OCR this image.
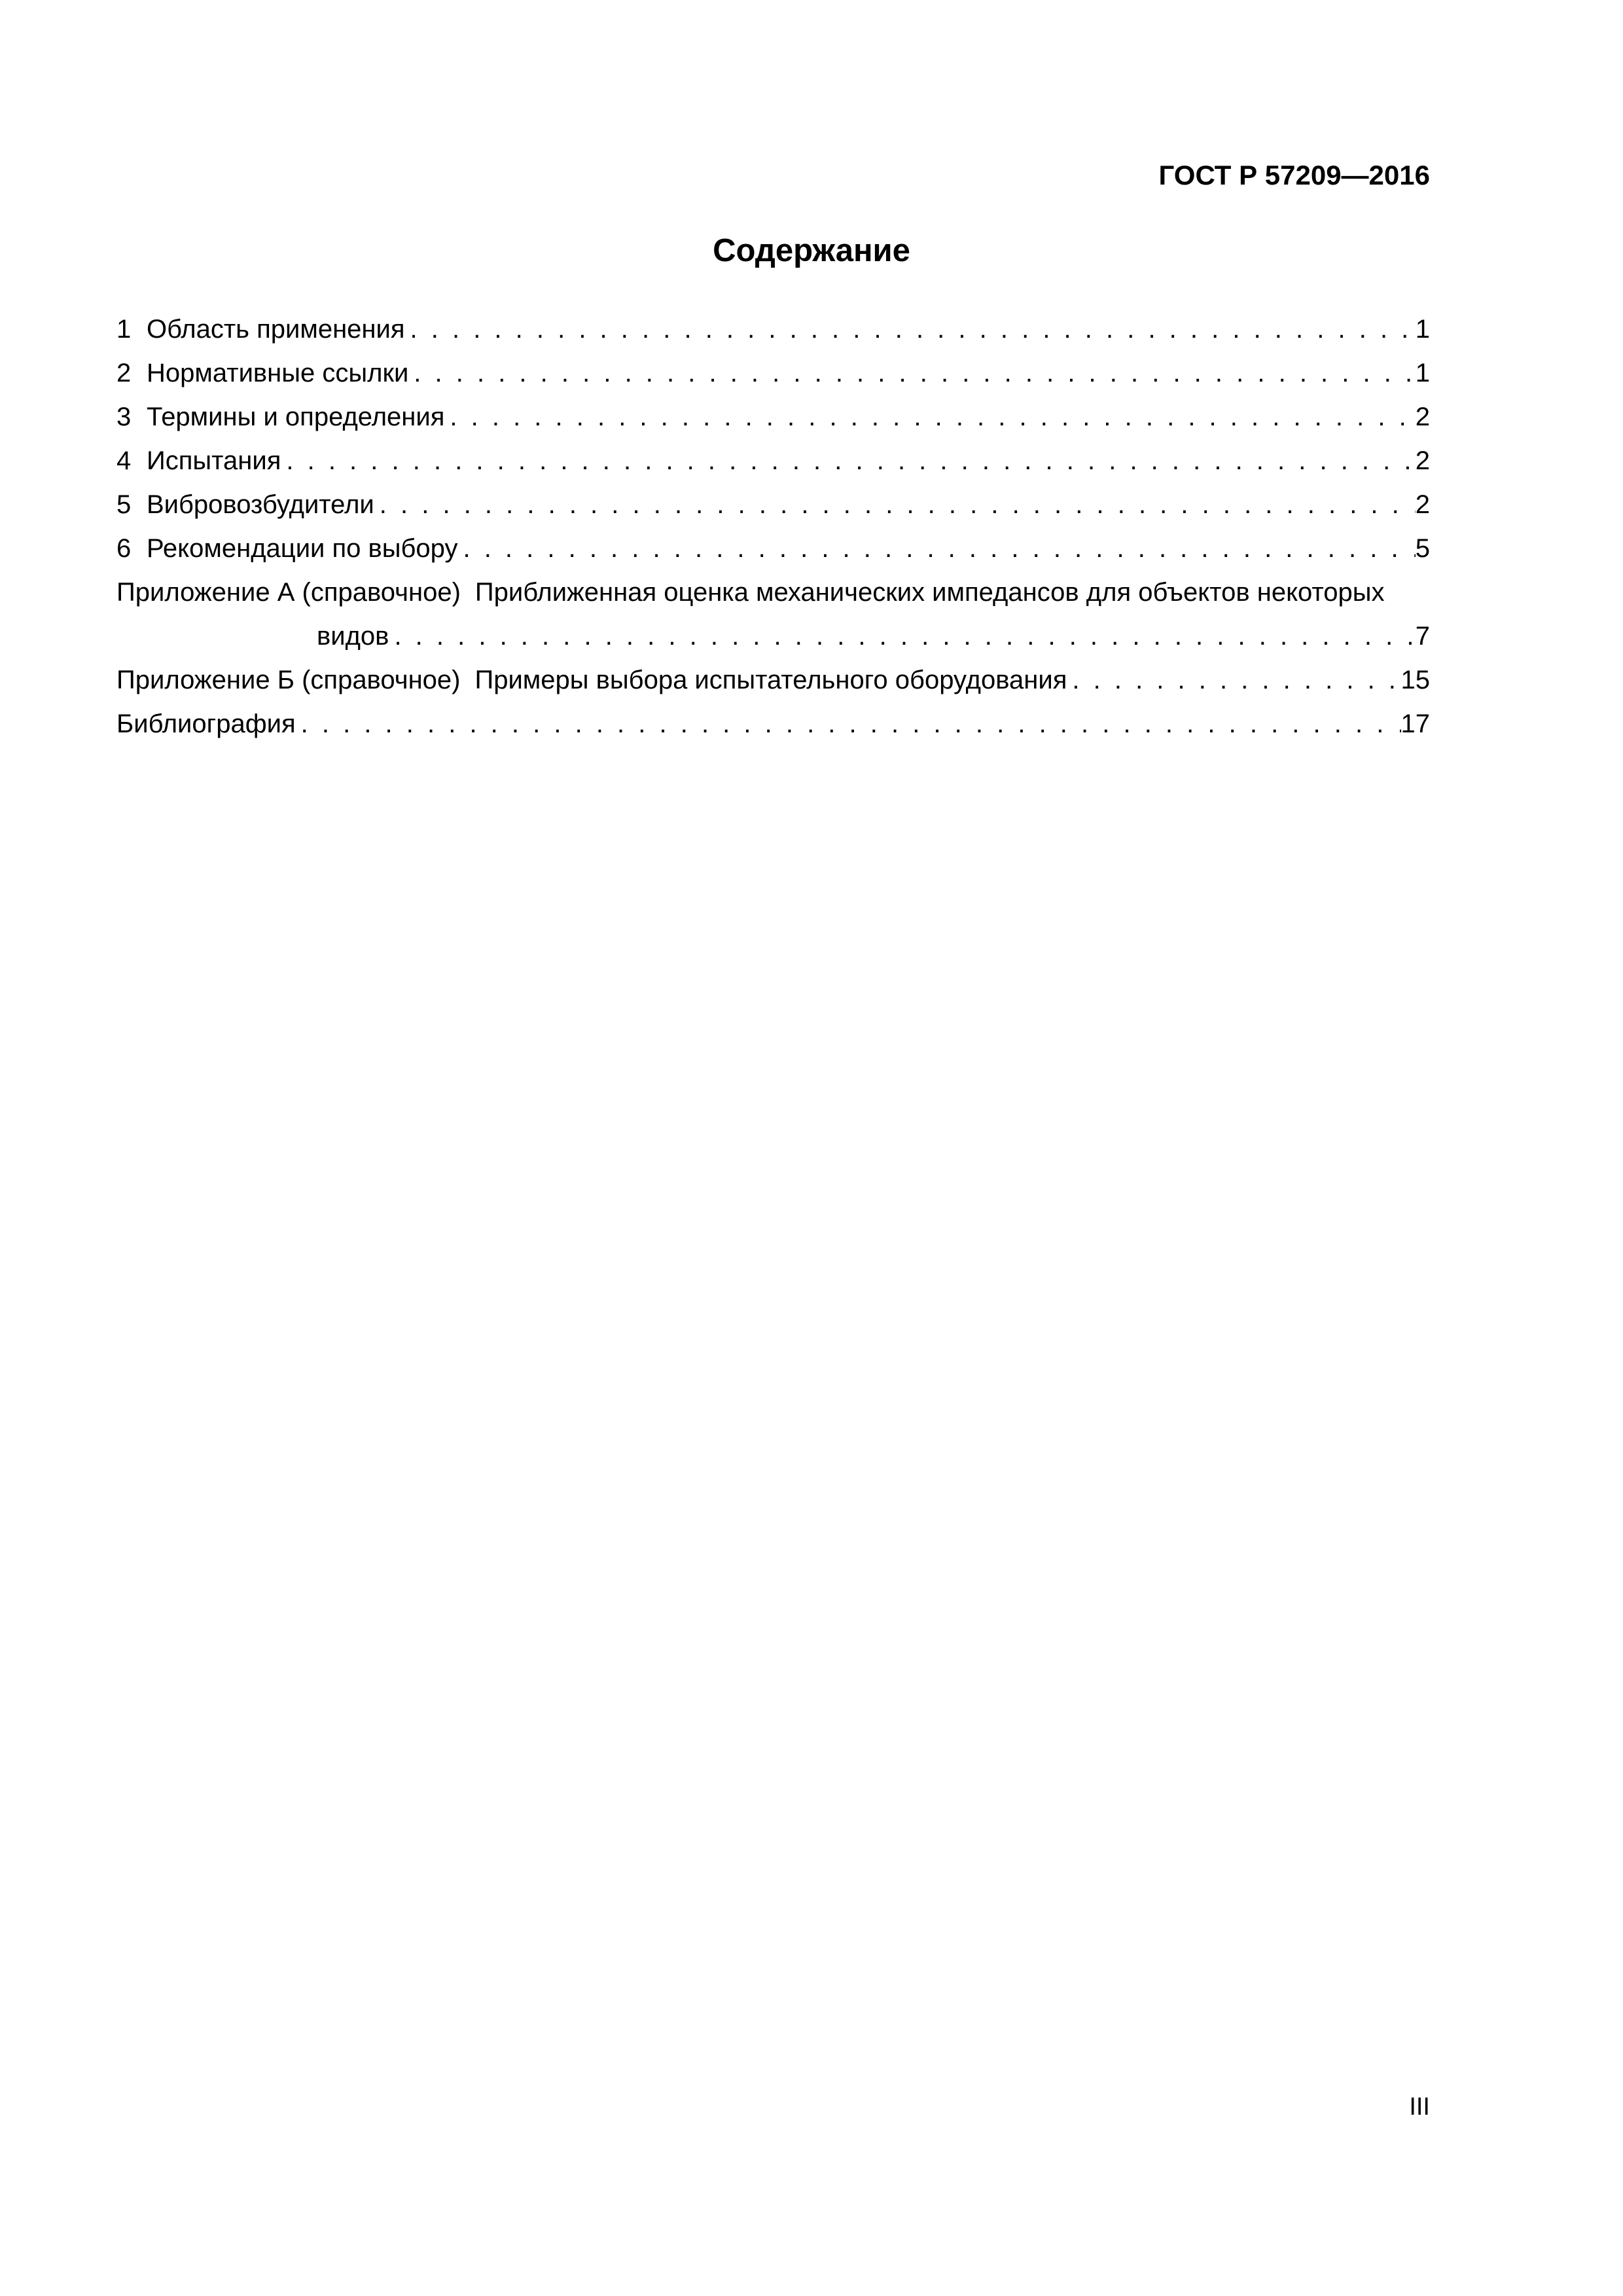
ГОСТ Р 57209—2016
Содержание
1 Область применения . . .	1
2 Нормативные ссылки . . .	1
3 Термины и определения . . .	2
4 Испытания . . .	2
5 Вибровозбудители . . .	2
6 Рекомендации по выбору . . .	5
Приложение А (справочное) Приближенная оценка механических импедансов для объектов некоторых
видов . . .	7
Приложение Б (справочное) Примеры выбора испытательного оборудования . . .	15
Библиография . . .	17
III
